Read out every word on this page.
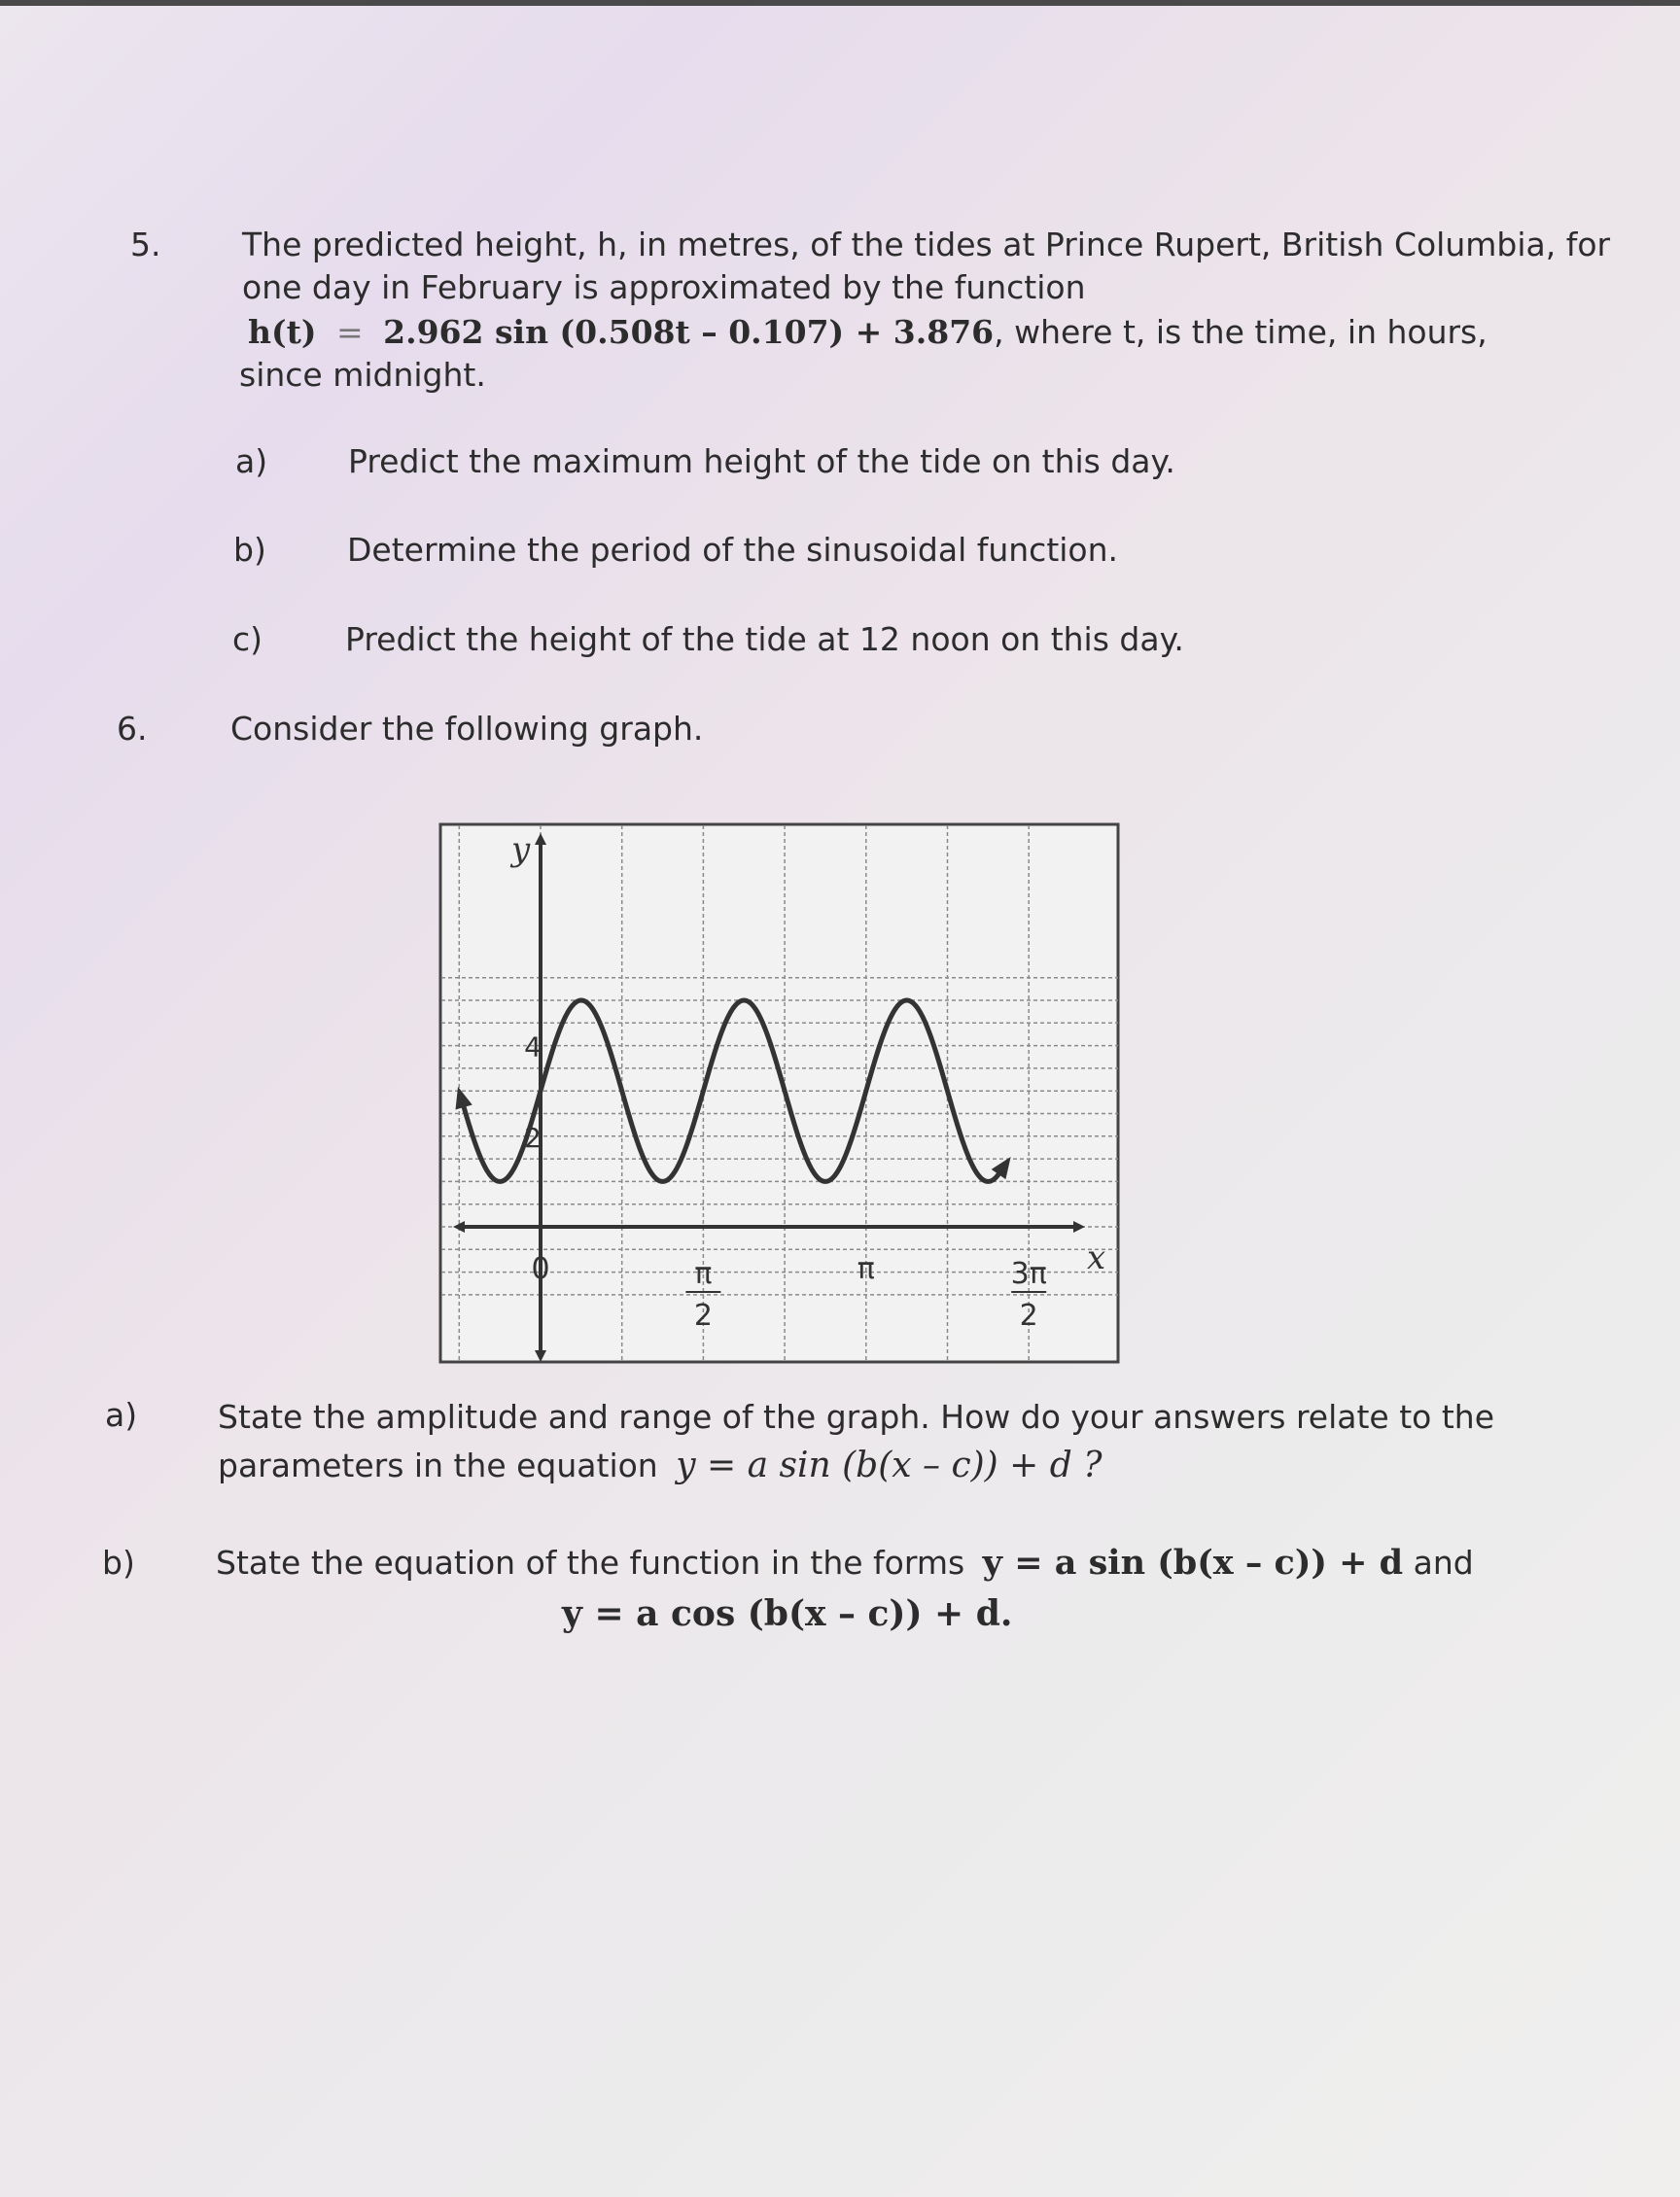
5.	The predicted height, h, in metres, of the tides at Prince Rupert, British Columbia, for
one day in February is approximated by the function
h(t) = 2.962 sin (0.508t – 0.107) + 3.876, where t, is the time, in hours,
since midnight.
a)	Predict the maximum height of the tide on this day.
b)	Determine the period of the sinusoidal function.
c)	Predict the height of the tide at 12 noon on this day.
6.	Consider the following graph.
y
x
0	π
2
π	3π
2
2
4
a)	State the amplitude and range of the graph. How do your answers relate to the
parameters in the equation y = a sin (b(x – c)) + d ?
b)	State the equation of the function in the forms y = a sin (b(x – c)) + d and
y = a cos (b(x – c)) + d.
